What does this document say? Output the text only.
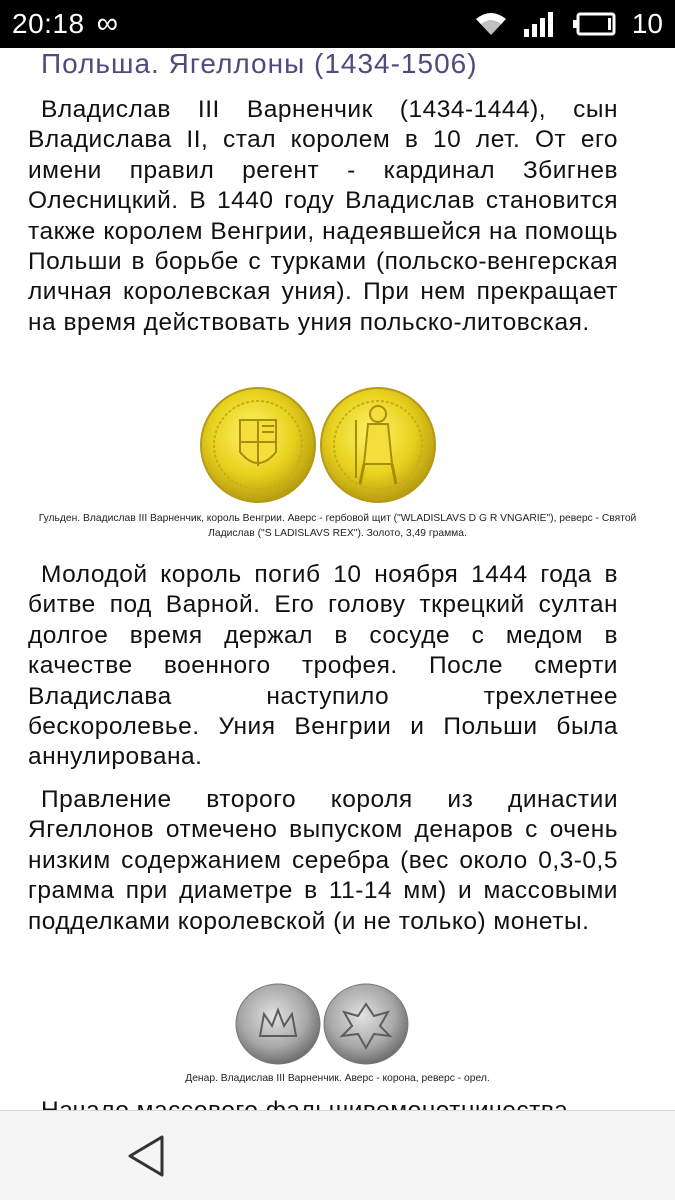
20:18 ∞	10
Польша. Ягеллоны (1434-1506)

Владислав III Варненчик (1434-1444), сын Владислава II, стал королем в 10 лет. От его имени правил регент - кардинал Збигнев Олесницкий. В 1440 году Владислав становится также королем Венгрии, надеявшейся на помощь Польши в борьбе с турками (польско-венгерская личная королевская уния). При нем прекращает на время действовать уния польско-литовская.

Гульден. Владислав III Варненчик, король Венгрии. Аверс - гербовой щит ("WLADISLAVS D G R VNGARIE"), реверс - Святой Ладислав ("S LADISLAVS REX"). Золото, 3,49 грамма.

Молодой король погиб 10 ноября 1444 года в битве под Варной. Его голову ткрецкий султан долгое время держал в сосуде с медом в качестве военного трофея. После смерти Владислава наступило трехлетнее бескоролевье. Уния Венгрии и Польши была аннулирована.

Правление второго короля из династии Ягеллонов отмечено выпуском денаров с очень низким содержанием серебра (вес около 0,3-0,5 грамма при диаметре в 11-14 мм) и массовыми подделками королевской (и не только) монеты.

Денар. Владислав III Варненчик. Аверс - корона, реверс - орел.
